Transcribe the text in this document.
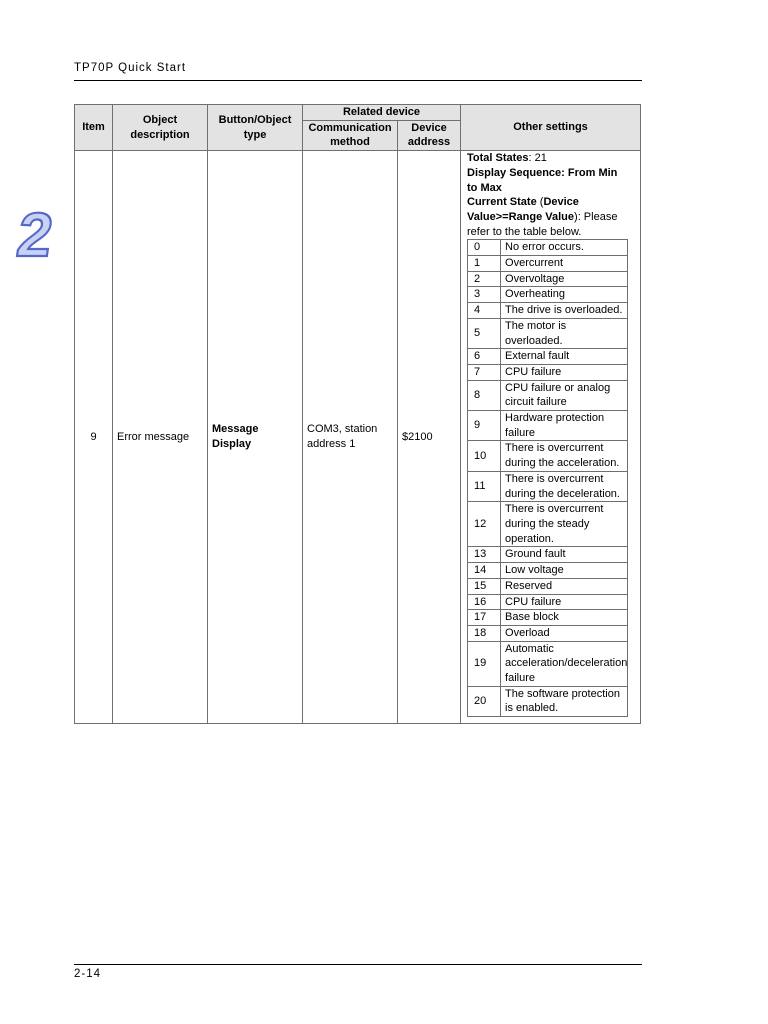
TP70P Quick Start
2
Item	Object description	Button/Object type	Related device	Other settings
Communication method	Device address
9	Error message	Message Display	COM3, station address 1	$2100	

Total States: 21

Display Sequence: From Min to Max

Current State (Device Value>=Range Value): Please refer to the table below.

0	No error occurs.
1	Overcurrent
2	Overvoltage
3	Overheating
4	The drive is overloaded.
5	The motor is overloaded.
6	External fault
7	CPU failure
8	CPU failure or analog circuit failure
9	Hardware protection failure
10	There is overcurrent during the acceleration.
11	There is overcurrent during the deceleration.
12	There is overcurrent during the steady operation.
13	Ground fault
14	Low voltage
15	Reserved
16	CPU failure
17	Base block
18	Overload
19	Automatic acceleration/deceleration failure
20	The software protection is enabled.
2-14
